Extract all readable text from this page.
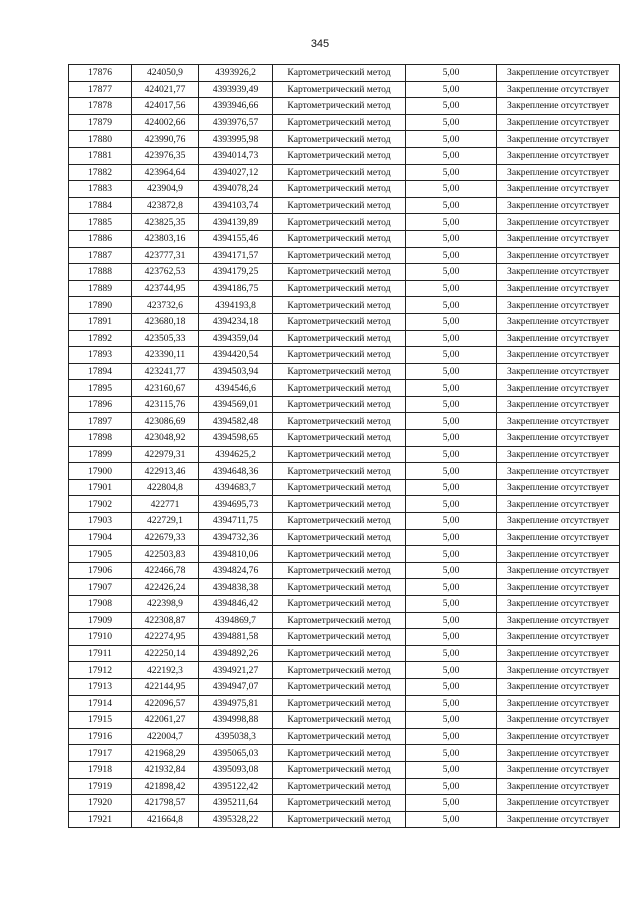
345
17876	424050,9	4393926,2	Картометрический метод	5,00	Закрепление отсутствует
17877	424021,77	4393939,49	Картометрический метод	5,00	Закрепление отсутствует
17878	424017,56	4393946,66	Картометрический метод	5,00	Закрепление отсутствует
17879	424002,66	4393976,57	Картометрический метод	5,00	Закрепление отсутствует
17880	423990,76	4393995,98	Картометрический метод	5,00	Закрепление отсутствует
17881	423976,35	4394014,73	Картометрический метод	5,00	Закрепление отсутствует
17882	423964,64	4394027,12	Картометрический метод	5,00	Закрепление отсутствует
17883	423904,9	4394078,24	Картометрический метод	5,00	Закрепление отсутствует
17884	423872,8	4394103,74	Картометрический метод	5,00	Закрепление отсутствует
17885	423825,35	4394139,89	Картометрический метод	5,00	Закрепление отсутствует
17886	423803,16	4394155,46	Картометрический метод	5,00	Закрепление отсутствует
17887	423777,31	4394171,57	Картометрический метод	5,00	Закрепление отсутствует
17888	423762,53	4394179,25	Картометрический метод	5,00	Закрепление отсутствует
17889	423744,95	4394186,75	Картометрический метод	5,00	Закрепление отсутствует
17890	423732,6	4394193,8	Картометрический метод	5,00	Закрепление отсутствует
17891	423680,18	4394234,18	Картометрический метод	5,00	Закрепление отсутствует
17892	423505,33	4394359,04	Картометрический метод	5,00	Закрепление отсутствует
17893	423390,11	4394420,54	Картометрический метод	5,00	Закрепление отсутствует
17894	423241,77	4394503,94	Картометрический метод	5,00	Закрепление отсутствует
17895	423160,67	4394546,6	Картометрический метод	5,00	Закрепление отсутствует
17896	423115,76	4394569,01	Картометрический метод	5,00	Закрепление отсутствует
17897	423086,69	4394582,48	Картометрический метод	5,00	Закрепление отсутствует
17898	423048,92	4394598,65	Картометрический метод	5,00	Закрепление отсутствует
17899	422979,31	4394625,2	Картометрический метод	5,00	Закрепление отсутствует
17900	422913,46	4394648,36	Картометрический метод	5,00	Закрепление отсутствует
17901	422804,8	4394683,7	Картометрический метод	5,00	Закрепление отсутствует
17902	422771	4394695,73	Картометрический метод	5,00	Закрепление отсутствует
17903	422729,1	4394711,75	Картометрический метод	5,00	Закрепление отсутствует
17904	422679,33	4394732,36	Картометрический метод	5,00	Закрепление отсутствует
17905	422503,83	4394810,06	Картометрический метод	5,00	Закрепление отсутствует
17906	422466,78	4394824,76	Картометрический метод	5,00	Закрепление отсутствует
17907	422426,24	4394838,38	Картометрический метод	5,00	Закрепление отсутствует
17908	422398,9	4394846,42	Картометрический метод	5,00	Закрепление отсутствует
17909	422308,87	4394869,7	Картометрический метод	5,00	Закрепление отсутствует
17910	422274,95	4394881,58	Картометрический метод	5,00	Закрепление отсутствует
17911	422250,14	4394892,26	Картометрический метод	5,00	Закрепление отсутствует
17912	422192,3	4394921,27	Картометрический метод	5,00	Закрепление отсутствует
17913	422144,95	4394947,07	Картометрический метод	5,00	Закрепление отсутствует
17914	422096,57	4394975,81	Картометрический метод	5,00	Закрепление отсутствует
17915	422061,27	4394998,88	Картометрический метод	5,00	Закрепление отсутствует
17916	422004,7	4395038,3	Картометрический метод	5,00	Закрепление отсутствует
17917	421968,29	4395065,03	Картометрический метод	5,00	Закрепление отсутствует
17918	421932,84	4395093,08	Картометрический метод	5,00	Закрепление отсутствует
17919	421898,42	4395122,42	Картометрический метод	5,00	Закрепление отсутствует
17920	421798,57	4395211,64	Картометрический метод	5,00	Закрепление отсутствует
17921	421664,8	4395328,22	Картометрический метод	5,00	Закрепление отсутствует
